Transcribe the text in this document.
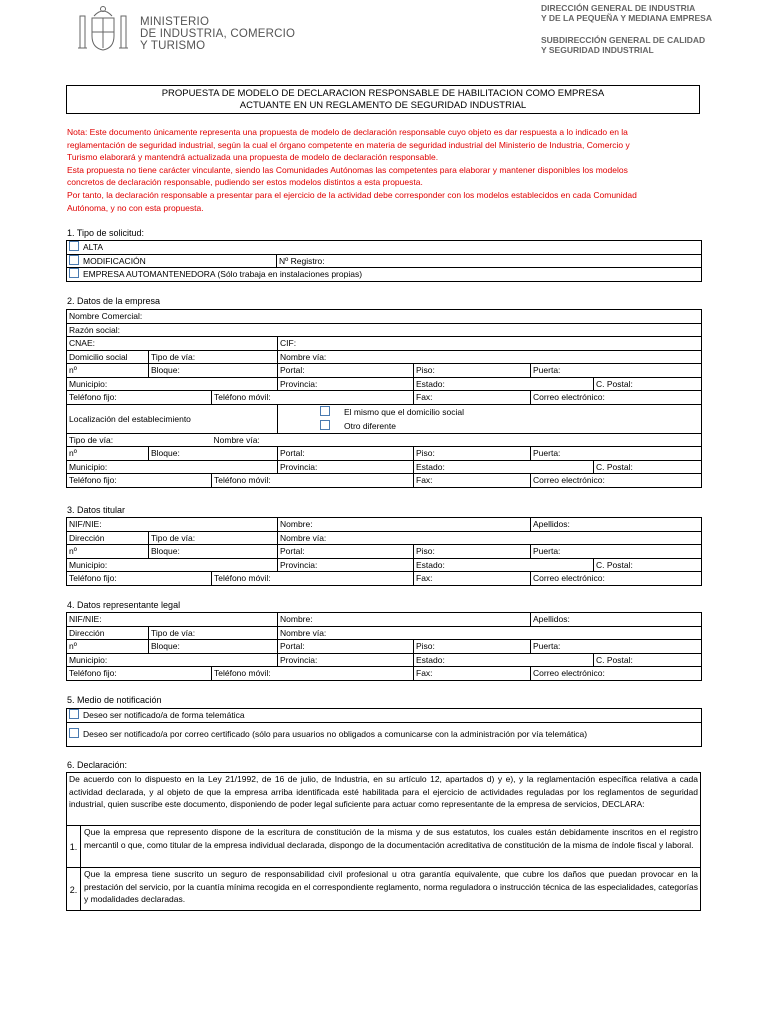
MINISTERIO
DE INDUSTRIA, COMERCIO
Y TURISMO
DIRECCIÓN GENERAL DE INDUSTRIA
Y DE LA PEQUEÑA Y MEDIANA EMPRESA
SUBDIRECCIÓN GENERAL DE CALIDAD
Y SEGURIDAD INDUSTRIAL
PROPUESTA DE MODELO DE DECLARACION RESPONSABLE DE HABILITACION COMO EMPRESA
ACTUANTE EN UN REGLAMENTO DE SEGURIDAD INDUSTRIAL
Nota: Este documento únicamente representa una propuesta de modelo de declaración responsable cuyo objeto es dar respuesta a lo indicado en la
reglamentación de seguridad industrial, según la cual el órgano competente en materia de seguridad industrial del Ministerio de Industria, Comercio y
Turismo elaborará y mantendrá actualizada una propuesta de modelo de declaración responsable.
Esta propuesta no tiene carácter vinculante, siendo las Comunidades Autónomas las competentes para elaborar y mantener disponibles los modelos
concretos de declaración responsable, pudiendo ser estos modelos distintos a esta propuesta.
Por tanto, la declaración responsable a presentar para el ejercicio de la actividad debe corresponder con los modelos establecidos en cada Comunidad
Autónoma, y no con esta propuesta.
1. Tipo de solicitud:
ALTA
MODIFICACIÓN	Nº Registro:
EMPRESA AUTOMANTENEDORA (Sólo trabaja en instalaciones propias)
2. Datos de la empresa
Nombre Comercial:						
Razón social:						
CNAE:			CIF:			
Domicilio social	Tipo de vía:		Nombre vía:			
nº	Bloque:		Portal:	Piso:	Puerta:	
Municipio:			Provincia:	Estado:		C. Postal:
Teléfono fijo:		Teléfono móvil:		Fax:	Correo electrónico:	
Localización del establecimiento			El mismo que el domicilio social
Otro diferente			

Tipo de vía:		Nombre vía:				
nº	Bloque:		Portal:	Piso:	Puerta:	
Municipio:			Provincia:	Estado:		C. Postal:
Teléfono fijo:		Teléfono móvil:		Fax:	Correo electrónico:	
3. Datos titular
NIF/NIE:			Nombre:		Apellidos:	
Dirección	Tipo de vía:		Nombre vía:			
nº	Bloque:		Portal:	Piso:	Puerta:	
Municipio:			Provincia:	Estado:		C. Postal:
Teléfono fijo:		Teléfono móvil:		Fax:	Correo electrónico:	
4. Datos representante legal
NIF/NIE:			Nombre:		Apellidos:	
Dirección	Tipo de vía:		Nombre vía:			
nº	Bloque:		Portal:	Piso:	Puerta:	
Municipio:			Provincia:	Estado:		C. Postal:
Teléfono fijo:		Teléfono móvil:		Fax:	Correo electrónico:	
5. Medio de notificación
Deseo ser notificado/a de forma telemática
Deseo ser notificado/a por correo certificado (sólo para usuarios no obligados a comunicarse con la administración por vía telemática)
6. Declaración:
De acuerdo con lo dispuesto en la Ley 21/1992, de 16 de julio, de Industria, en su artículo 12, apartados d) y e), y la reglamentación específica relativa a cada actividad declarada, y al objeto de que la empresa arriba identificada esté habilitada para el ejercicio de actividades reguladas por los reglamentos de seguridad industrial, quien suscribe este documento, disponiendo de poder legal suficiente para actuar como representante de la empresa de servicios, DECLARA:
1.
Que la empresa que represento dispone de la escritura de constitución de la misma y de sus estatutos, los cuales están debidamente inscritos en el registro mercantil o que, como titular de la empresa individual declarada, dispongo de la documentación acreditativa de constitución de la misma de índole fiscal y laboral.
2.
Que la empresa tiene suscrito un seguro de responsabilidad civil profesional u otra garantía equivalente, que cubre los daños que puedan provocar en la prestación del servicio, por la cuantía mínima recogida en el correspondiente reglamento, norma reguladora o instrucción técnica de las especialidades, categorías y modalidades declaradas.
